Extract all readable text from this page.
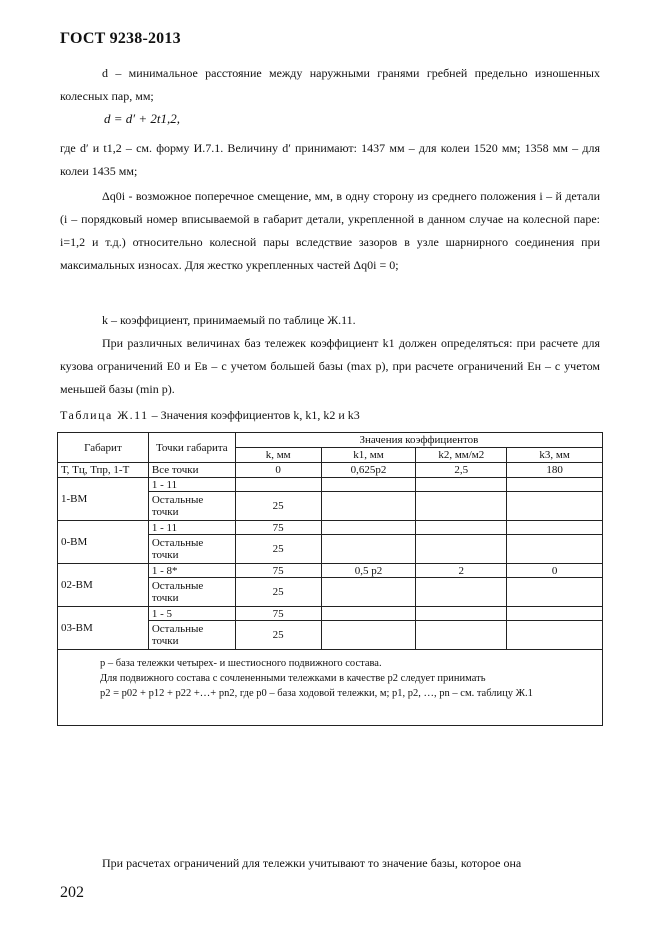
ГОСТ 9238-2013

d – минимальное расстояние между наружными гранями гребней предельно изношенных колесных пар, мм;

d = d′ + 2t1,2,

где d′ и t1,2 – см. форму И.7.1. Величину d′ принимают: 1437 мм – для колеи 1520 мм; 1358 мм – для колеи 1435 мм;

Δq0i - возможное поперечное смещение, мм, в одну сторону из среднего положения i – й детали (i – порядковый номер вписываемой в габарит детали, укрепленной в данном случае на колесной паре: i=1,2 и т.д.) относительно колесной пары вследствие зазоров в узле шарнирного соединения при максимальных износах. Для жестко укрепленных частей Δq0i = 0;

k – коэффициент, принимаемый по таблице Ж.11.

При различных величинах баз тележек коэффициент k1 должен определяться: при расчете для кузова ограничений E0 и Eв – с учетом большей базы (max p), при расчете ограничений Eн – с учетом меньшей базы (min p).

Таблица Ж.11 – Значения коэффициентов k, k1, k2 и k3
Габарит	Точки габарита	Значения коэффициентов			
		k, мм	k1, мм	k2, мм/м2	k3, мм
Т, Тц, Тпр, 1-Т	Все точки	0	0,625p2	2,5	180
1-ВМ	1 - 11				
	Остальные точки	25			
0-ВМ	1 - 11	75			
	Остальные точки	25			
02-ВМ	1 - 8*	75	0,5 p2	2	0
	Остальные точки	25			
03-ВМ	1 - 5	75			
	Остальные точки	25			

p – база тележки четырех- и шестиосного подвижного состава.
Для подвижного состава с сочлененными тележками в качестве p2 следует принимать
p2 = p02 + p12 + p22 +…+ pn2, где p0 – база ходовой тележки, м; p1, p2, …, pn – см. таблицу Ж.1					

При расчетах ограничений для тележки учитывают то значение базы, которое она

202
